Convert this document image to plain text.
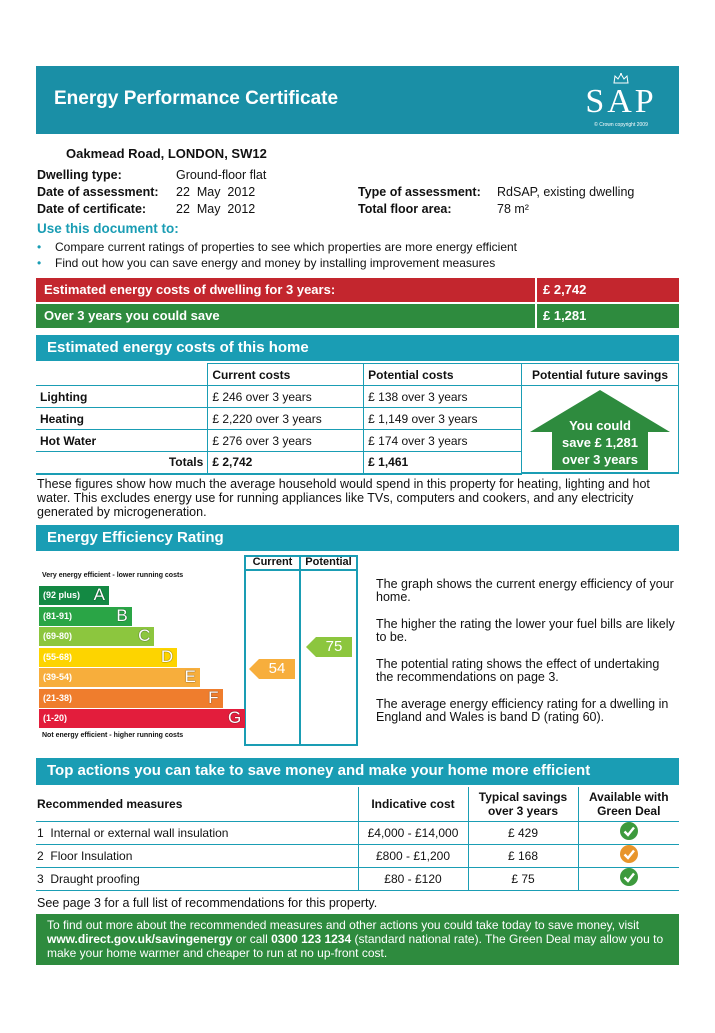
Energy Performance Certificate	SAP
© Crown copyright 2009
Oakmead Road, LONDON, SW12
Dwelling type:	Ground-floor flat
Date of assessment: 22  May  2012
Date of certificate: 22  May  2012
Type of assessment: RdSAP, existing dwelling
Total floor area:	78 m²
Use this document to:
• Compare current ratings of properties to see which properties are more energy efficient
• Find out how you can save energy and money by installing improvement measures
Estimated energy costs of dwelling for 3 years:	£ 2,742
Over 3 years you could save	£ 1,281
Estimated energy costs of this home
	Current costs	Potential costs
Lighting	£ 246 over 3 years	£ 138 over 3 years
Heating	£ 2,220 over 3 years	£ 1,149 over 3 years
Hot Water	£ 276 over 3 years	£ 174 over 3 years
Totals	£ 2,742	£ 1,461
Potential future savings
You could
save £ 1,281
over 3 years
These figures show how much the average household would spend in this property for heating, lighting and hot water. This excludes energy use for running appliances like TVs, computers and cookers, and any electricity generated by microgeneration.
Energy Efficiency Rating
Current	Potential
Very energy efficient - lower running costs
Not energy efficient - higher running costs
(92 plus) A
(81-91)	B
(69-80)	C
(55-68)	D
(39-54)	E
(21-38)	F
(1-20)	G
54
75
The graph shows the current energy efficiency of your home.
The higher the rating the lower your fuel bills are likely to be.
The potential rating shows the effect of undertaking the recommendations on page 3.
The average energy efficiency rating for a dwelling in England and Wales is band D (rating 60).
Top actions you can take to save money and make your home more efficient
Recommended measures	Indicative cost	Typical savings over 3 years	Available with Green Deal
1 Internal or external wall insulation	£4,000 - £14,000	£ 429	

2 Floor Insulation	£800 - £1,200	£ 168	

3 Draught proofing	£80 - £120	£ 75	
See page 3 for a full list of recommendations for this property.
To find out more about the recommended measures and other actions you could take today to save money, visit www.direct.gov.uk/savingenergy or call 0300 123 1234 (standard national rate). The Green Deal may allow you to make your home warmer and cheaper to run at no up-front cost.
